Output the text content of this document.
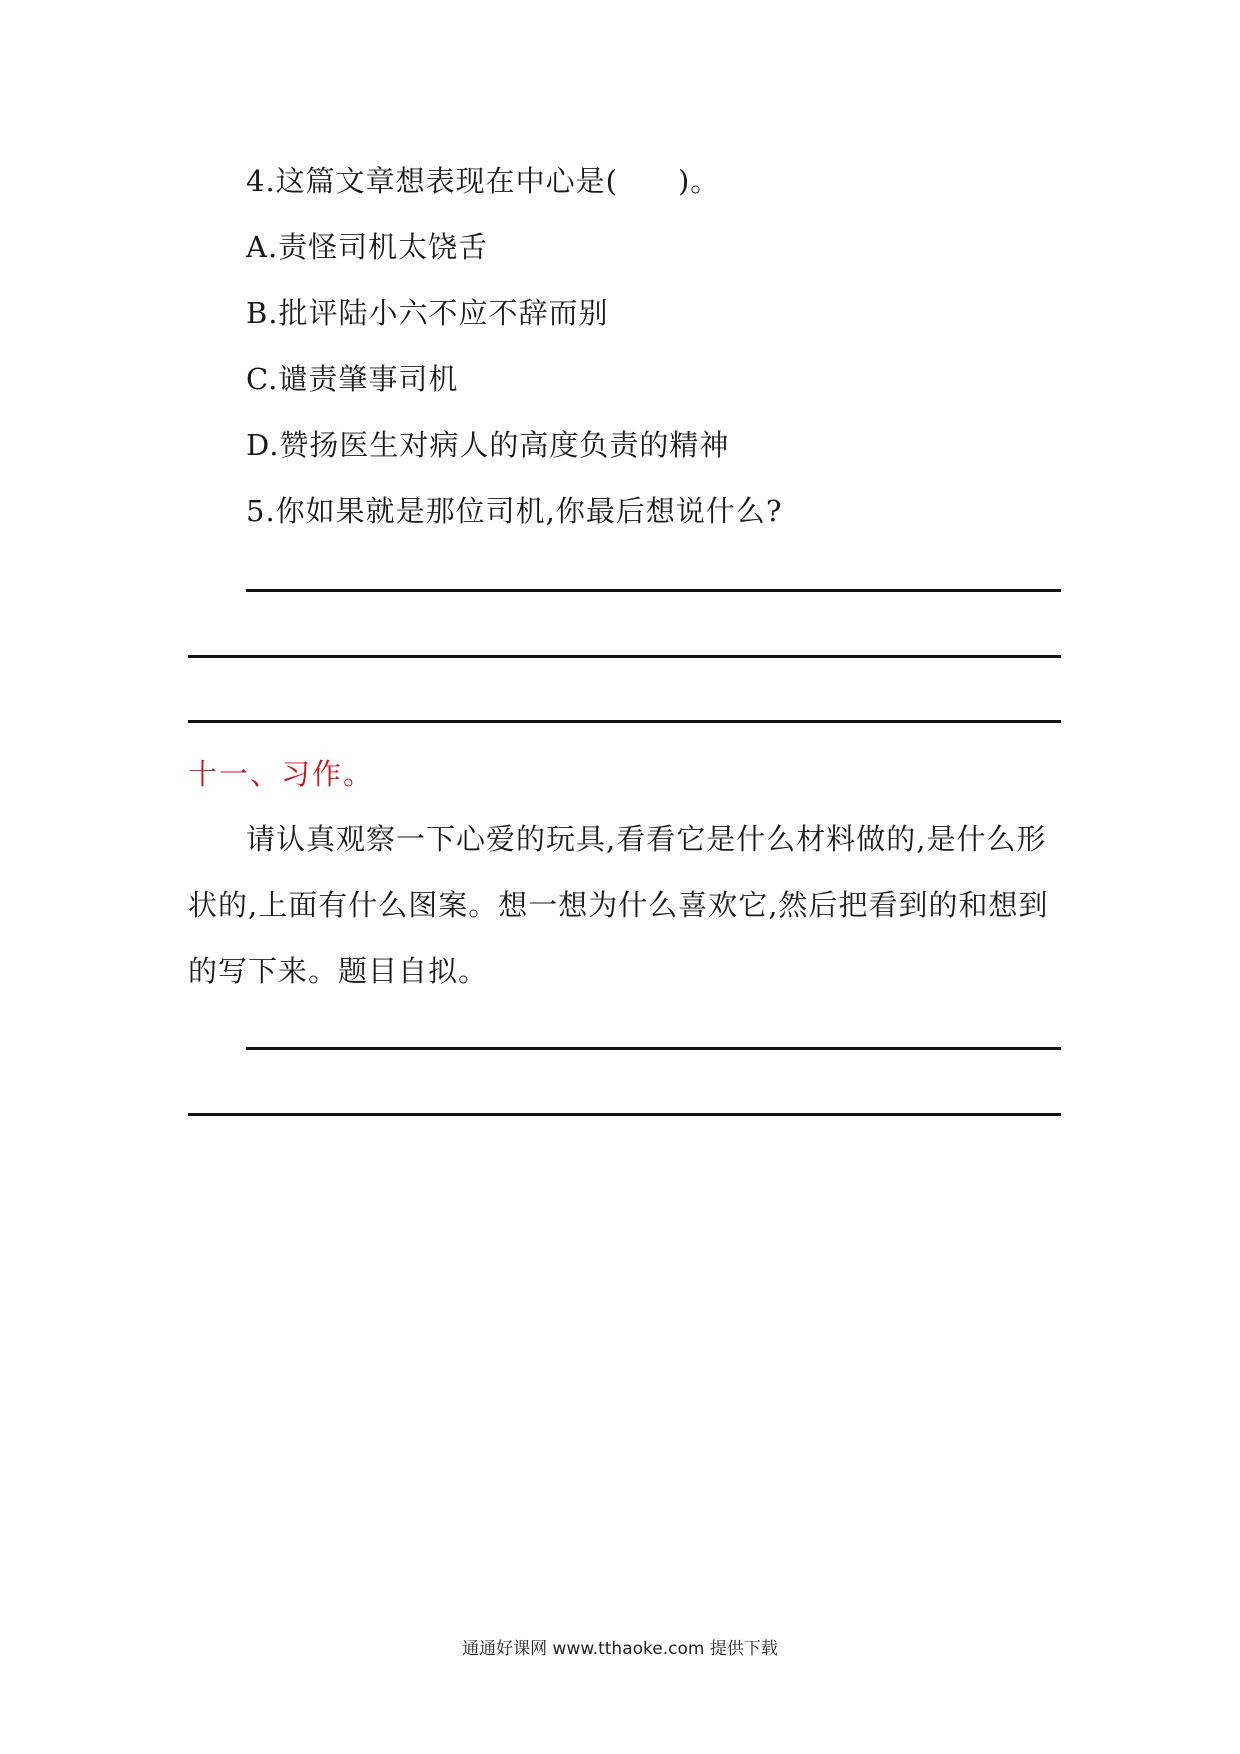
4.这篇文章想表现在中心是(　　)。
A.责怪司机太饶舌
B.批评陆小六不应不辞而别
C.谴责肇事司机
D.赞扬医生对病人的高度负责的精神
5.你如果就是那位司机,你最后想说什么?
十一、习作。
请认真观察一下心爱的玩具,看看它是什么材料做的,是什么形状的,上面有什么图案。想一想为什么喜欢它,然后把看到的和想到的写下来。题目自拟。
通通好课网 www.tthaoke.com 提供下载
